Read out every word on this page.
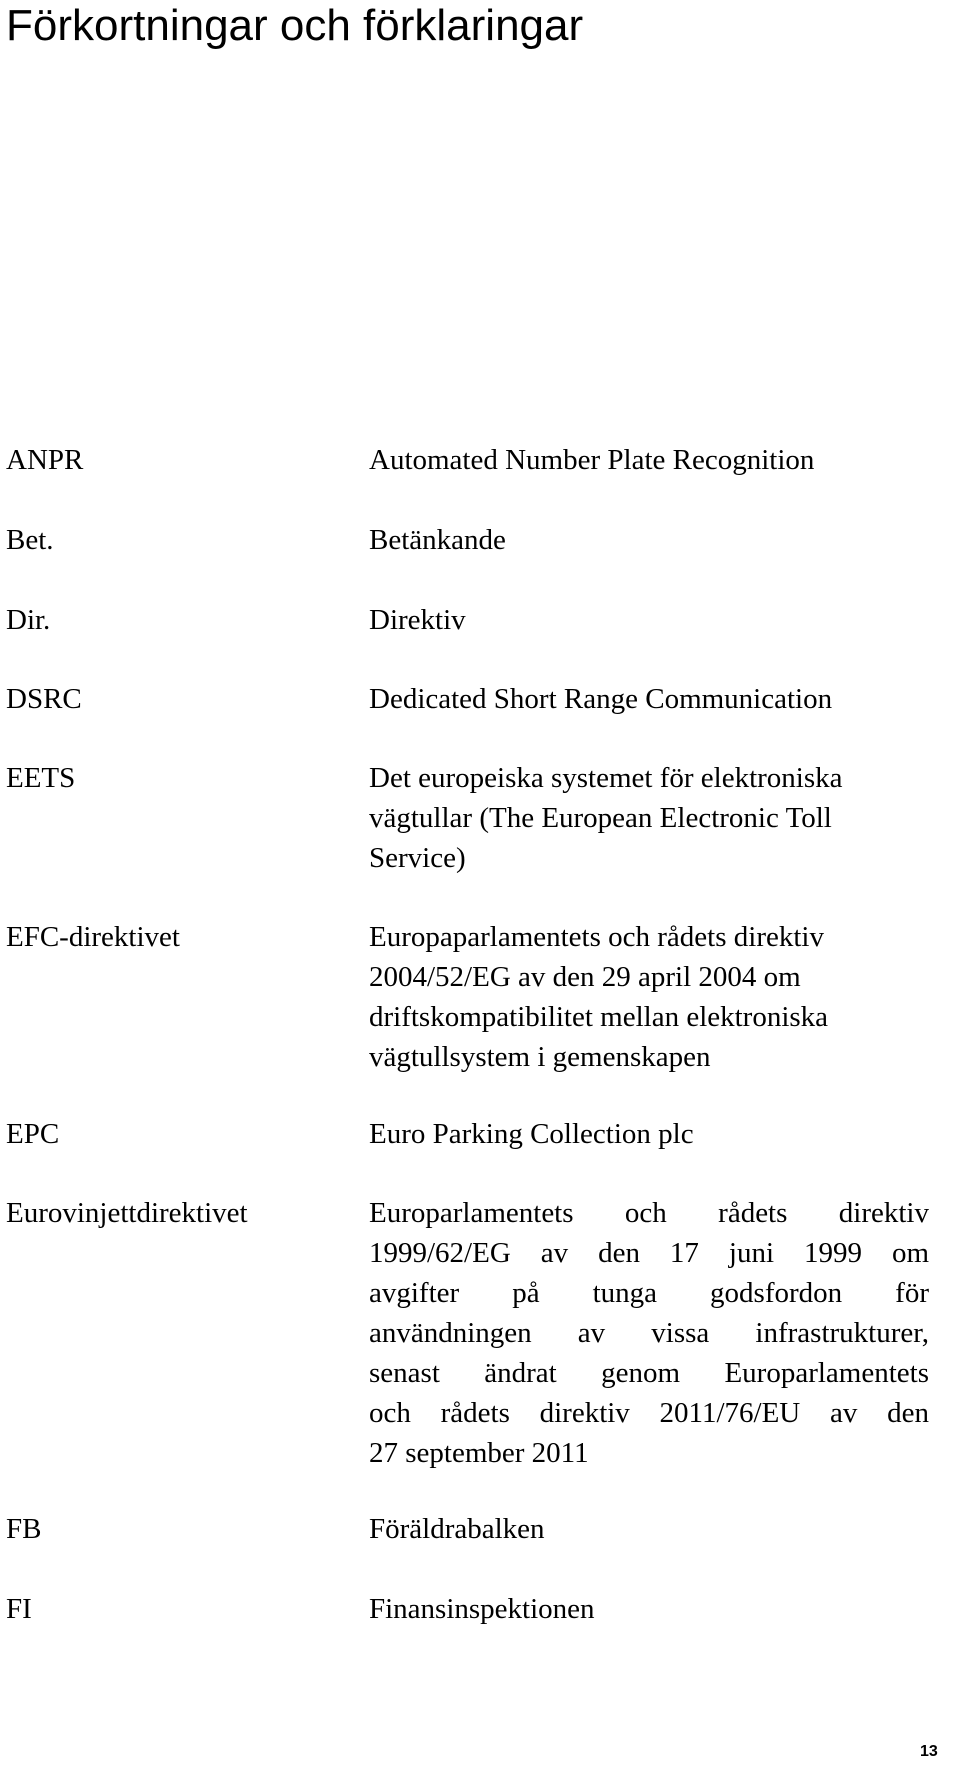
Förkortningar och förklaringar
ANPR	Automated Number Plate Recognition
Bet.	Betänkande
Dir.	Direktiv
DSRC	Dedicated Short Range Communication
EETS	Det europeiska systemet för elektroniska
vägtullar (The European Electronic Toll
Service)
EFC-direktivet	Europaparlamentets och rådets direktiv
2004/52/EG av den 29 april 2004 om
driftskompatibilitet mellan elektroniska
vägtullsystem i gemenskapen
EPC	Euro Parking Collection plc
Eurovinjettdirektivet	Europarlamentets och rådets direktiv
1999/62/EG av den 17 juni 1999 om
avgifter på tunga godsfordon för
användningen av vissa infrastrukturer,
senast ändrat genom Europarlamentets
och rådets direktiv 2011/76/EU av den
27 september 2011
FB	Föräldrabalken
FI	Finansinspektionen
13
